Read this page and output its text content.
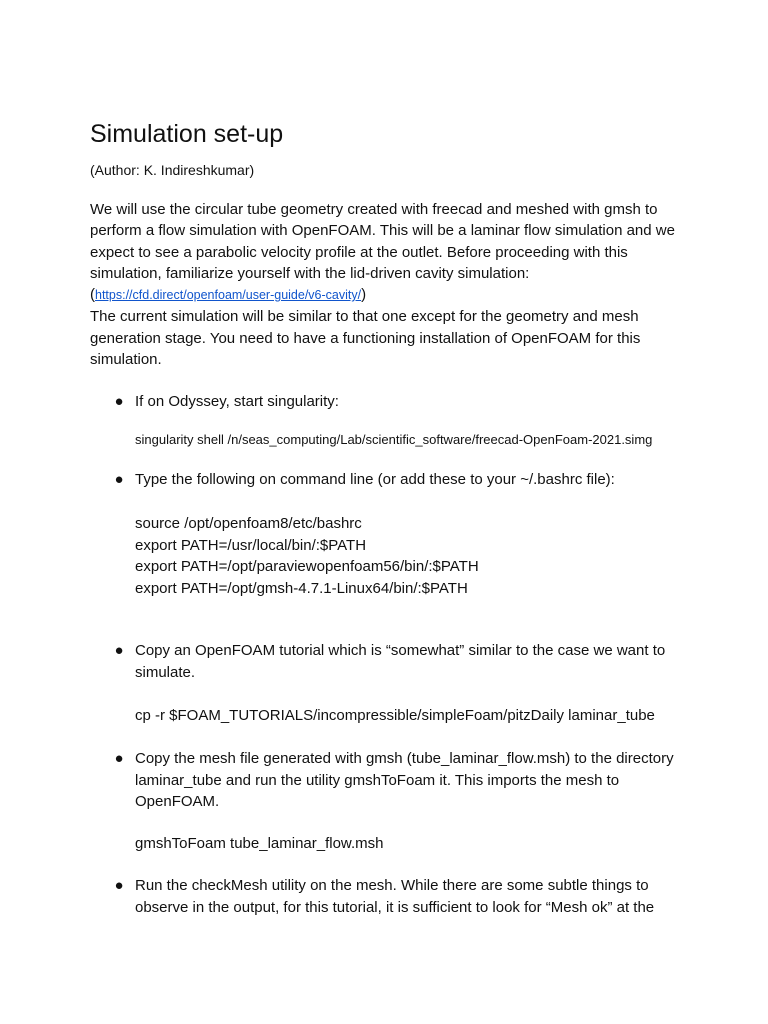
Simulation set-up
(Author: K. Indireshkumar)

We will use the circular tube geometry created with freecad and meshed with gmsh to perform a flow simulation with OpenFOAM. This will be a laminar flow simulation and we expect to see a parabolic velocity profile at the outlet. Before proceeding with this simulation, familiarize yourself with the lid-driven cavity simulation:

(https://cfd.direct/openfoam/user-guide/v6-cavity/)

The current simulation will be similar to that one except for the geometry and mesh generation stage. You need to have a functioning installation of OpenFOAM for this simulation.

● If on Odyssey, start singularity:
singularity shell /n/seas_computing/Lab/scientific_software/freecad-OpenFoam-2021.simg
● Type the following on command line (or add these to your ~/.bashrc file):
source /opt/openfoam8/etc/bashrc
export PATH=/usr/local/bin/:$PATH
export PATH=/opt/paraviewopenfoam56/bin/:$PATH
export PATH=/opt/gmsh-4.7.1-Linux64/bin/:$PATH
● Copy an OpenFOAM tutorial which is “somewhat” similar to the case we want to simulate.
cp -r $FOAM_TUTORIALS/incompressible/simpleFoam/pitzDaily laminar_tube
● Copy the mesh file generated with gmsh (tube_laminar_flow.msh) to the directory laminar_tube and run the utility gmshToFoam it. This imports the mesh to OpenFOAM.
gmshToFoam tube_laminar_flow.msh
● Run the checkMesh utility on the mesh. While there are some subtle things to observe in the output, for this tutorial, it is sufficient to look for “Mesh ok” at the
